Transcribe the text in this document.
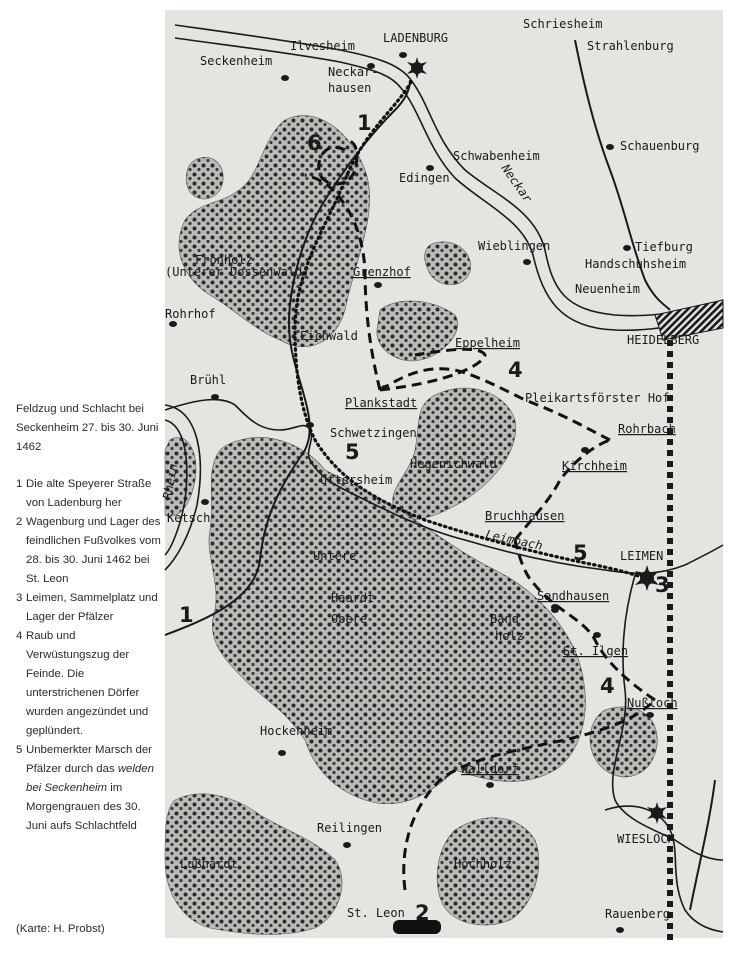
Feldzug und Schlacht bei Seckenheim 27. bis 30. Juni 1462

1 Die alte Speyerer Straße von Ladenburg her
2 Wagenburg und Lager des feindlichen Fußvolkes vom 28. bis 30. Juni 1462 bei St. Leon
3 Leimen, Sammelplatz und Lager der Pfälzer
4 Raub und Verwüstungszug der Feinde. Die unterstrichenen Dörfer wurden angezündet und geplündert.
5 Unbemerkter Marsch der Pfälzer durch das welden bei Seckenheim im Morgengrauen des 30. Juni aufs Schlachtfeld
(Karte: H. Probst)
Schriesheim
Strahlenburg
LADENBURG
Seckenheim
Ilvesheim
Neckar-
hausen
Schauenburg
Schwabenheim
Edingen
Wieblingen	Tiefburg
Handschuhsheim
Neuenheim
HEIDELBERG
Fronholz
(Unterer Dossenwald)	Grenzhof
Rohrhof
Eichwald	Eppelheim
Brühl
Plankstadt	Pleikartsförster Hof
Schwetzingen	Rohrbach
Hegenichwald	Kirchheim
Oftersheim
Ketsch	Bruchhausen
LEIMEN
Untere
Haardt
Obere
Sandhausen
Band-
holz
St. Ilgen
Hockenheim
Nußloch
Walldorf
Reilingen
WIESLOCH
Lußhardt	Hochholz
St. Leon	Rauenberg
Neckar
Leimbach
Rhein
1
1
2
3
4
4
5
5
6
